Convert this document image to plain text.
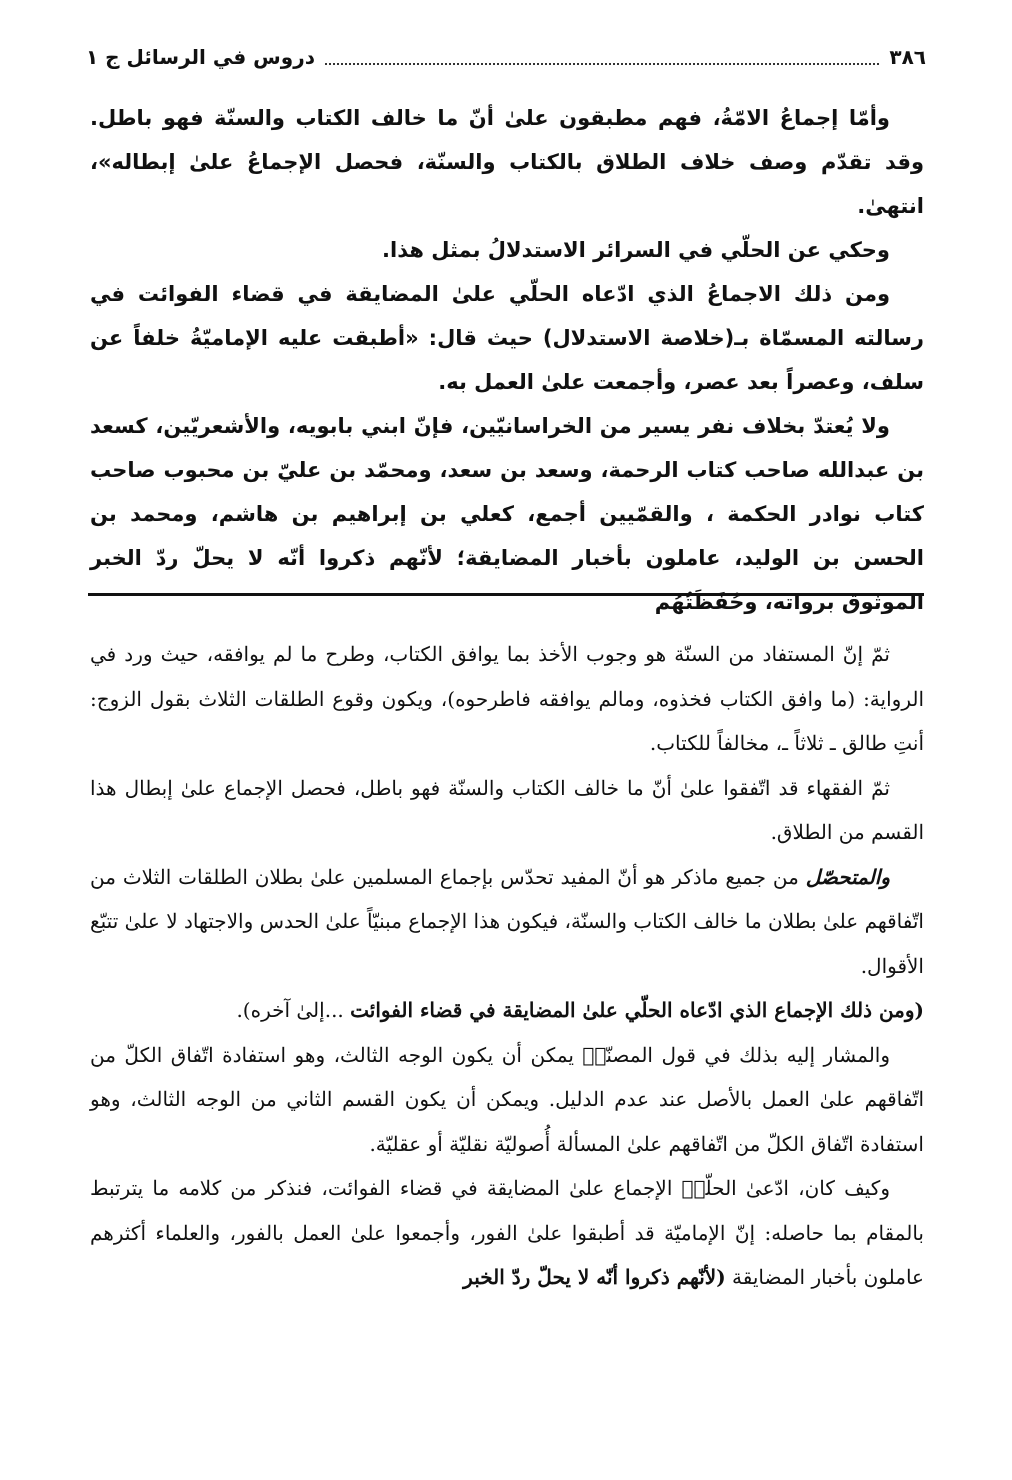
٣٨٦
دروس في الرسائل ج ١

وأمّا إجماعُ الامّةُ، فهم مطبقون علىٰ أنّ ما خالف الكتاب والسنّة فهو باطل. وقد تقدّم وصف خلاف الطلاق بالكتاب والسنّة، فحصل الإجماعُ علىٰ إبطاله»، انتهىٰ.

وحكي عن الحلّي في السرائر الاستدلالُ بمثل هذا.

ومن ذلك الاجماعُ الذي ادّعاه الحلّي علىٰ المضايقة في قضاء الفوائت في رسالته المسمّاة بـ(خلاصة الاستدلال) حيث قال: «أطبقت عليه الإماميّةُ خلفاً عن سلف، وعصراً بعد عصر، وأجمعت علىٰ العمل به.

ولا يُعتدّ بخلاف نفر يسير من الخراسانيّين، فإنّ ابني بابويه، والأشعريّين، كسعد بن عبدالله صاحب كتاب الرحمة، وسعد بن سعد، ومحمّد بن عليّ بن محبوب صاحب كتاب نوادر الحكمة ، والقمّيين أجمع، كعلي بن إبراهيم بن هاشم، ومحمد بن الحسن بن الوليد، عاملون بأخبار المضايقة؛ لأنّهم ذكروا أنّه لا يحلّ ردّ الخبر الموثوق برواته، وحُفَظَتُهُم

ثمّ إنّ المستفاد من السنّة هو وجوب الأخذ بما يوافق الكتاب، وطرح ما لم يوافقه، حيث ورد في الرواية: (ما وافق الكتاب فخذوه، ومالم يوافقه فاطرحوه)، ويكون وقوع الطلقات الثلاث بقول الزوج: أنتِ طالق ـ ثلاثاً ـ، مخالفاً للكتاب.

ثمّ الفقهاء قد اتّفقوا علىٰ أنّ ما خالف الكتاب والسنّة فهو باطل، فحصل الإجماع علىٰ إبطال هذا القسم من الطلاق.

والمتحصّل من جميع ماذكر هو أنّ المفيد تحدّس بإجماع المسلمين علىٰ بطلان الطلقات الثلاث من اتّفاقهم علىٰ بطلان ما خالف الكتاب والسنّة، فيكون هذا الإجماع مبنيّاً علىٰ الحدس والاجتهاد لا علىٰ تتبّع الأقوال.

(ومن ذلك الإجماع الذي ادّعاه الحلّي علىٰ المضايقة في قضاء الفوائت ...إلىٰ آخره).

والمشار إليه بذلك في قول المصنّفؒ يمكن أن يكون الوجه الثالث، وهو استفادة اتّفاق الكلّ من اتّفاقهم علىٰ العمل بالأصل عند عدم الدليل. ويمكن أن يكون القسم الثاني من الوجه الثالث، وهو استفادة اتّفاق الكلّ من اتّفاقهم علىٰ المسألة أُصوليّة نقليّة أو عقليّة.

وكيف كان، ادّعىٰ الحلّيؒ الإجماع علىٰ المضايقة في قضاء الفوائت، فنذكر من كلامه ما يترتبط بالمقام بما حاصله: إنّ الإماميّة قد أطبقوا علىٰ الفور، وأجمعوا علىٰ العمل بالفور، والعلماء أكثرهم عاملون بأخبار المضايقة (لأنّهم ذكروا أنّه لا يحلّ ردّ الخبر
